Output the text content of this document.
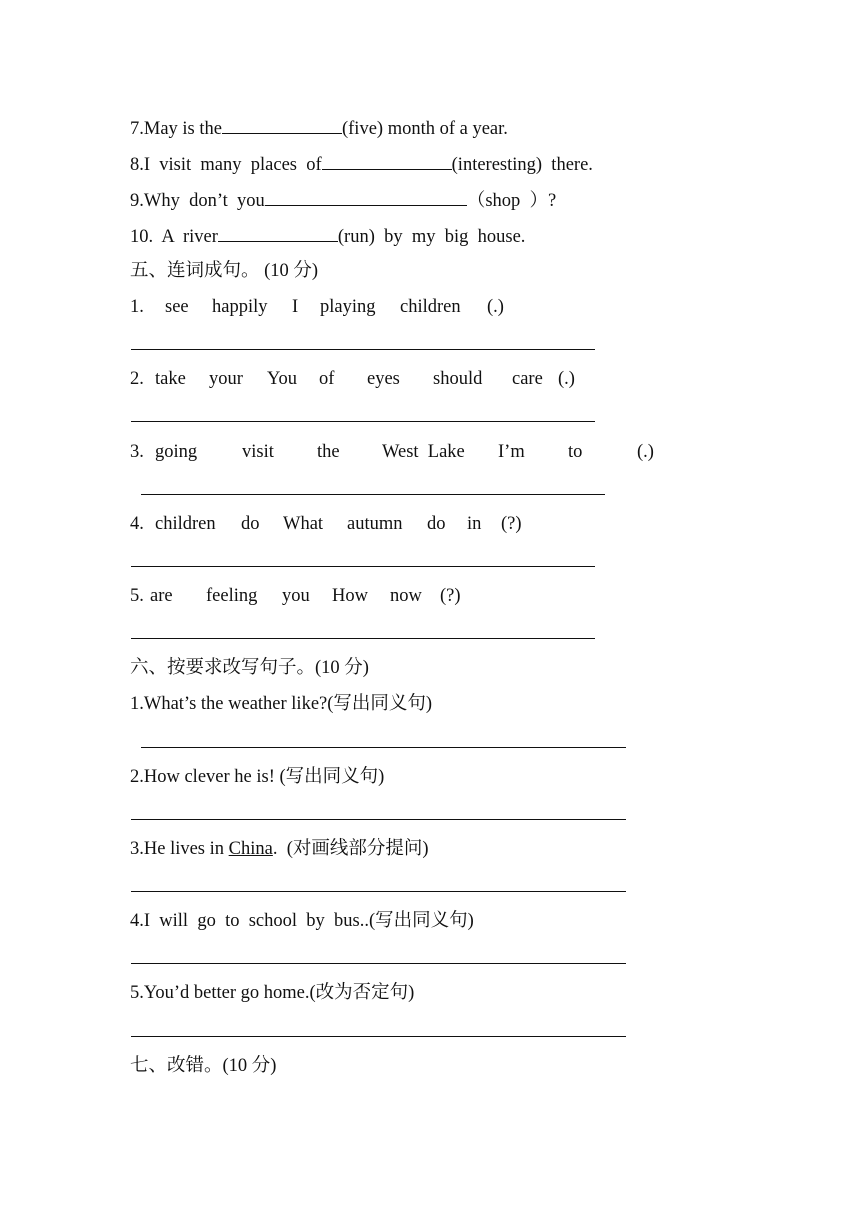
7.May is the	(five) month of a year.
8.I  visit  many  places  of	(interesting)  there.
9.Why  don’t  you	（shop  ）?
10.  A  river	(run)  by  my  big  house.
五、连词成句。 (10 分)
1.	see	happily	I	playing	children	(.)
2. take	your	You	of	eyes	should	care (.)
3. going	visit	the	West  Lake	I’m	to	(.)
4. children	do	What	autumn	do	in	(?)
5. are	feeling	you	How	now (?)
六、按要求改写句子。(10 分)
1.What’s the weather like?(写出同义句)
2.How clever he is! (写出同义句)
3.He lives in China.  (对画线部分提问)
4.I  will  go  to  school  by  bus..(写出同义句)
5.You’d better go home.(改为否定句)
七、改错。(10 分)
